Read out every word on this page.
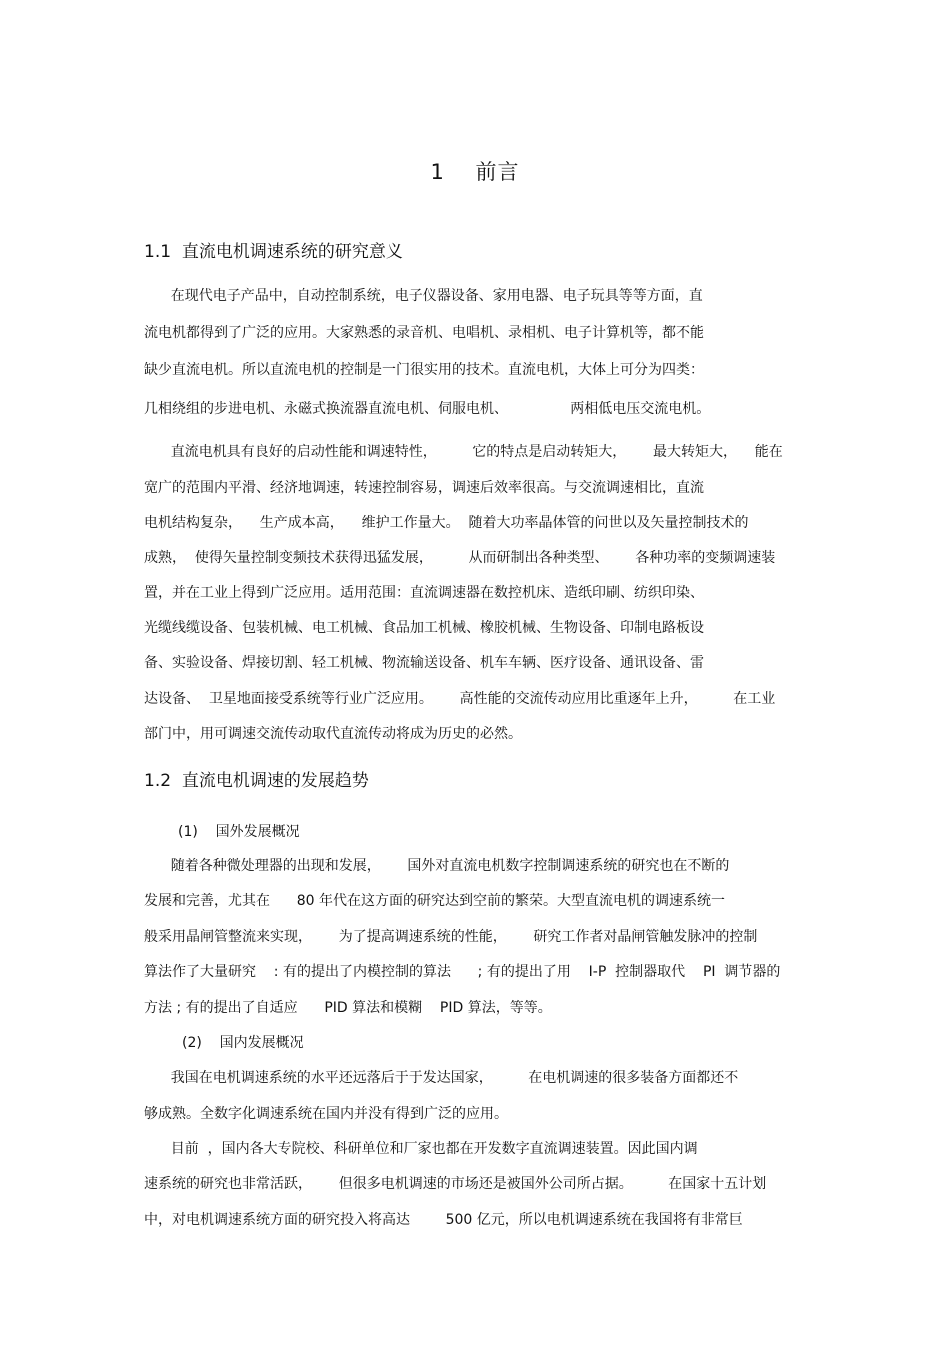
1    前言
1.1  直流电机调速系统的研究意义
在现代电子产品中，自动控制系统，电子仪器设备、家用电器、电子玩具等等方面，直
流电机都得到了广泛的应用。大家熟悉的录音机、电唱机、录相机、电子计算机等，都不能
缺少直流电机。所以直流电机的控制是一门很实用的技术。直流电机，大体上可分为四类：
几相绕组的步进电机、永磁式换流器直流电机、伺服电机、              两相低电压交流电机。
直流电机具有良好的启动性能和调速特性，        它的特点是启动转矩大，      最大转矩大，    能在
宽广的范围内平滑、经济地调速，转速控制容易，调速后效率很高。与交流调速相比，直流
电机结构复杂，    生产成本高，    维护工作量大。  随着大功率晶体管的问世以及矢量控制技术的
成熟，  使得矢量控制变频技术获得迅猛发展，        从而研制出各种类型、      各种功率的变频调速装
置，并在工业上得到广泛应用。适用范围：直流调速器在数控机床、造纸印刷、纺织印染、
光缆线缆设备、包装机械、电工机械、食品加工机械、橡胶机械、生物设备、印制电路板设
备、实验设备、焊接切割、轻工机械、物流输送设备、机车车辆、医疗设备、通讯设备、雷
达设备、  卫星地面接受系统等行业广泛应用。      高性能的交流传动应用比重逐年上升，        在工业
部门中，用可调速交流传动取代直流传动将成为历史的必然。
1.2  直流电机调速的发展趋势
(1)    国外发展概况
随着各种微处理器的出现和发展，      国外对直流电机数字控制调速系统的研究也在不断的
发展和完善，尤其在      80 年代在这方面的研究达到空前的繁荣。大型直流电机的调速系统一
般采用晶闸管整流来实现，      为了提高调速系统的性能，      研究工作者对晶闸管触发脉冲的控制
算法作了大量研究    : 有的提出了内模控制的算法      ; 有的提出了用    I-P  控制器取代    PI  调节器的
方法 ; 有的提出了自适应      PID 算法和模糊    PID 算法，等等。
(2)    国内发展概况
我国在电机调速系统的水平还远落后于于发达国家，        在电机调速的很多装备方面都还不
够成熟。全数字化调速系统在国内并没有得到广泛的应用。
目前  ，国内各大专院校、科研单位和厂家也都在开发数字直流调速装置。因此国内调
速系统的研究也非常活跃，      但很多电机调速的市场还是被国外公司所占据。        在国家十五计划
中，对电机调速系统方面的研究投入将高达        500 亿元，所以电机调速系统在我国将有非常巨
